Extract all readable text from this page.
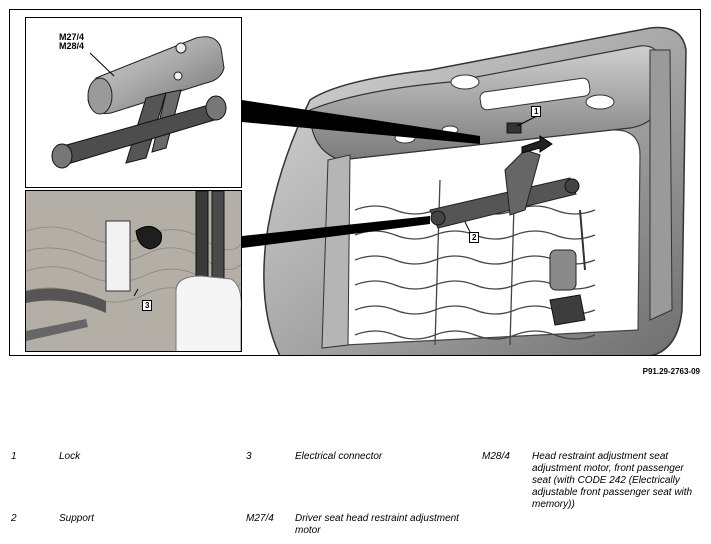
M27/4
M28/4
3
1
2
P91.29-2763-09
1	Lock
2	Support
3	Electrical connector
M27/4 Driver seat head restraint adjustment motor
M28/4 Head restraint adjustment seat adjustment motor, front passenger seat (with CODE 242 (Electrically adjustable front passenger seat with memory))
